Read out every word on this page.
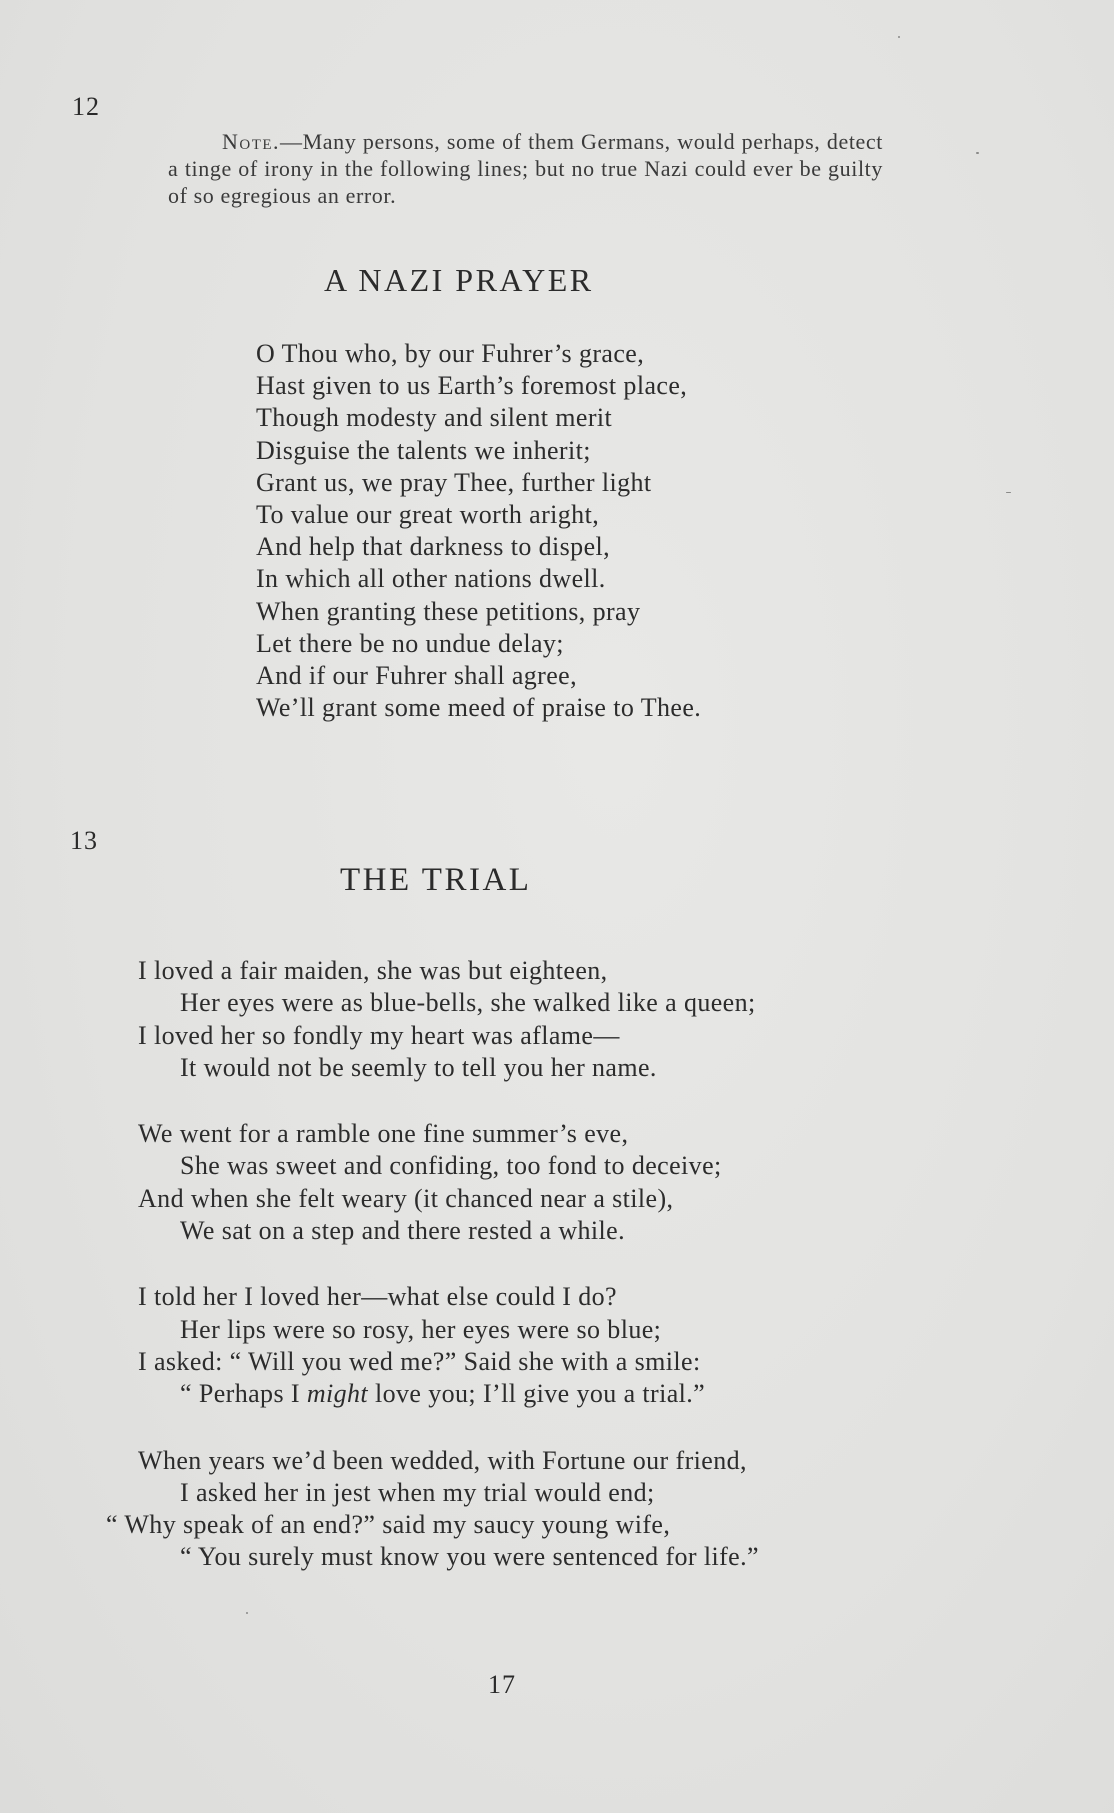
12

Note.—Many persons, some of them Germans, would perhaps, detect a tinge of irony in the following lines; but no true Nazi could ever be guilty of so egregious an error.

A NAZI PRAYER
O Thou who, by our Fuhrer’s grace,
Hast given to us Earth’s foremost place,
Though modesty and silent merit
Disguise the talents we inherit;
Grant us, we pray Thee, further light
To value our great worth aright,
And help that darkness to dispel,
In which all other nations dwell.
When granting these petitions, pray
Let there be no undue delay;
And if our Fuhrer shall agree,
We’ll grant some meed of praise to Thee.
13
THE TRIAL
I loved a fair maiden, she was but eighteen,
Her eyes were as blue-bells, she walked like a queen;
I loved her so fondly my heart was aflame—
It would not be seemly to tell you her name.
We went for a ramble one fine summer’s eve,
She was sweet and confiding, too fond to deceive;
And when she felt weary (it chanced near a stile),
We sat on a step and there rested a while.
I told her I loved her—what else could I do?
Her lips were so rosy, her eyes were so blue;
I asked: “ Will you wed me?” Said she with a smile:
“ Perhaps I might love you; I’ll give you a trial.”
When years we’d been wedded, with Fortune our friend,
I asked her in jest when my trial would end;
“ Why speak of an end?” said my saucy young wife,
“ You surely must know you were sentenced for life.”
17
